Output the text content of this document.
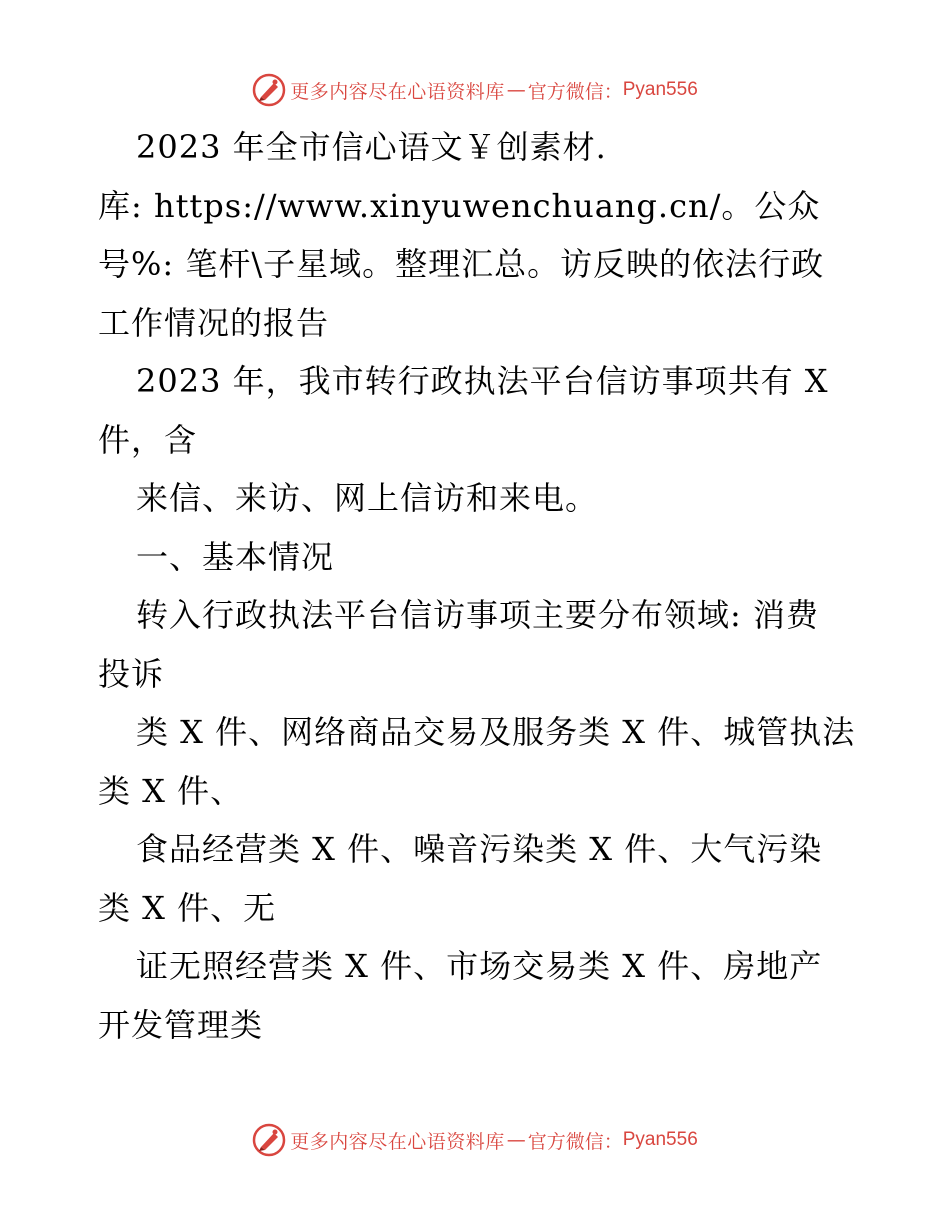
更多内容尽在心语资料库 — 官方微信： Pyan556
2023 年全市信心语文￥创素材.
库: https://www.xinyuwenchuang.cn/。公众
号%: 笔杆\子星域。整理汇总。访反映的依法行政
工作情况的报告
2023 年，我市转行政执法平台信访事项共有 X
件，含
来信、来访、网上信访和来电。
一、基本情况
转入行政执法平台信访事项主要分布领域: 消费
投诉
类 X 件、网络商品交易及服务类 X 件、城管执法
类 X 件、
食品经营类 X 件、噪音污染类 X 件、大气污染
类 X 件、无
证无照经营类 X 件、市场交易类 X 件、房地产
开发管理类
更多内容尽在心语资料库 — 官方微信： Pyan556
